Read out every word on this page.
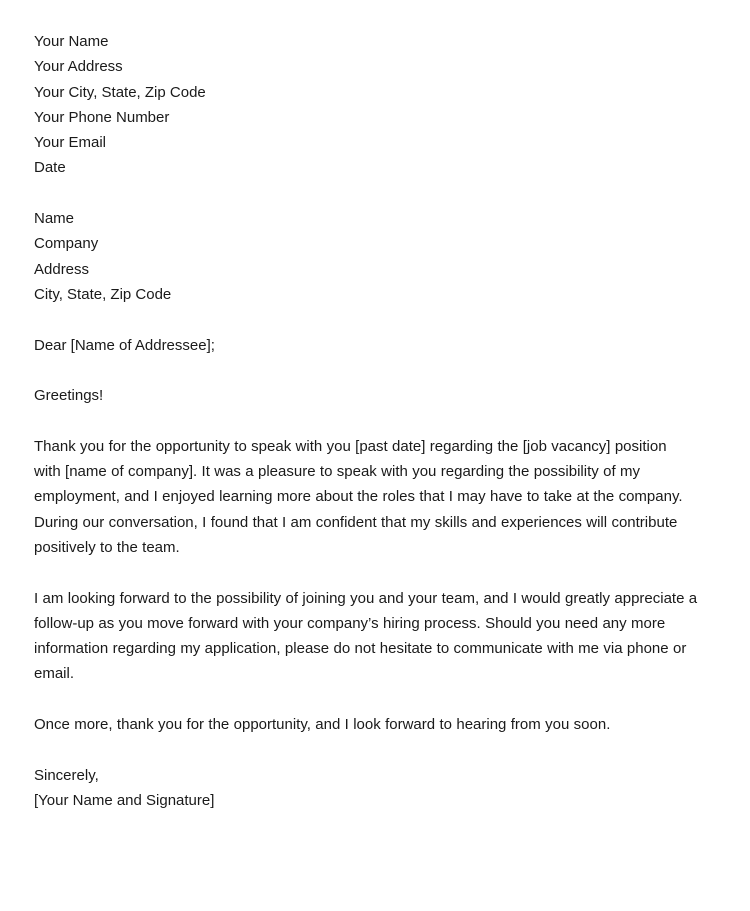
Your Name

Your Address

Your City, State, Zip Code

Your Phone Number

Your Email

Date

Name

Company

Address

City, State, Zip Code

Dear [Name of Addressee];

Greetings!

Thank you for the opportunity to speak with you [past date] regarding the [job vacancy] position
with [name of company]. It was a pleasure to speak with you regarding the possibility of my
employment, and I enjoyed learning more about the roles that I may have to take at the company.
During our conversation, I found that I am confident that my skills and experiences will contribute
positively to the team.

I am looking forward to the possibility of joining you and your team, and I would greatly appreciate a
follow-up as you move forward with your company’s hiring process. Should you need any more
information regarding my application, please do not hesitate to communicate with me via phone or
email.

Once more, thank you for the opportunity, and I look forward to hearing from you soon.

Sincerely,

[Your Name and Signature]
